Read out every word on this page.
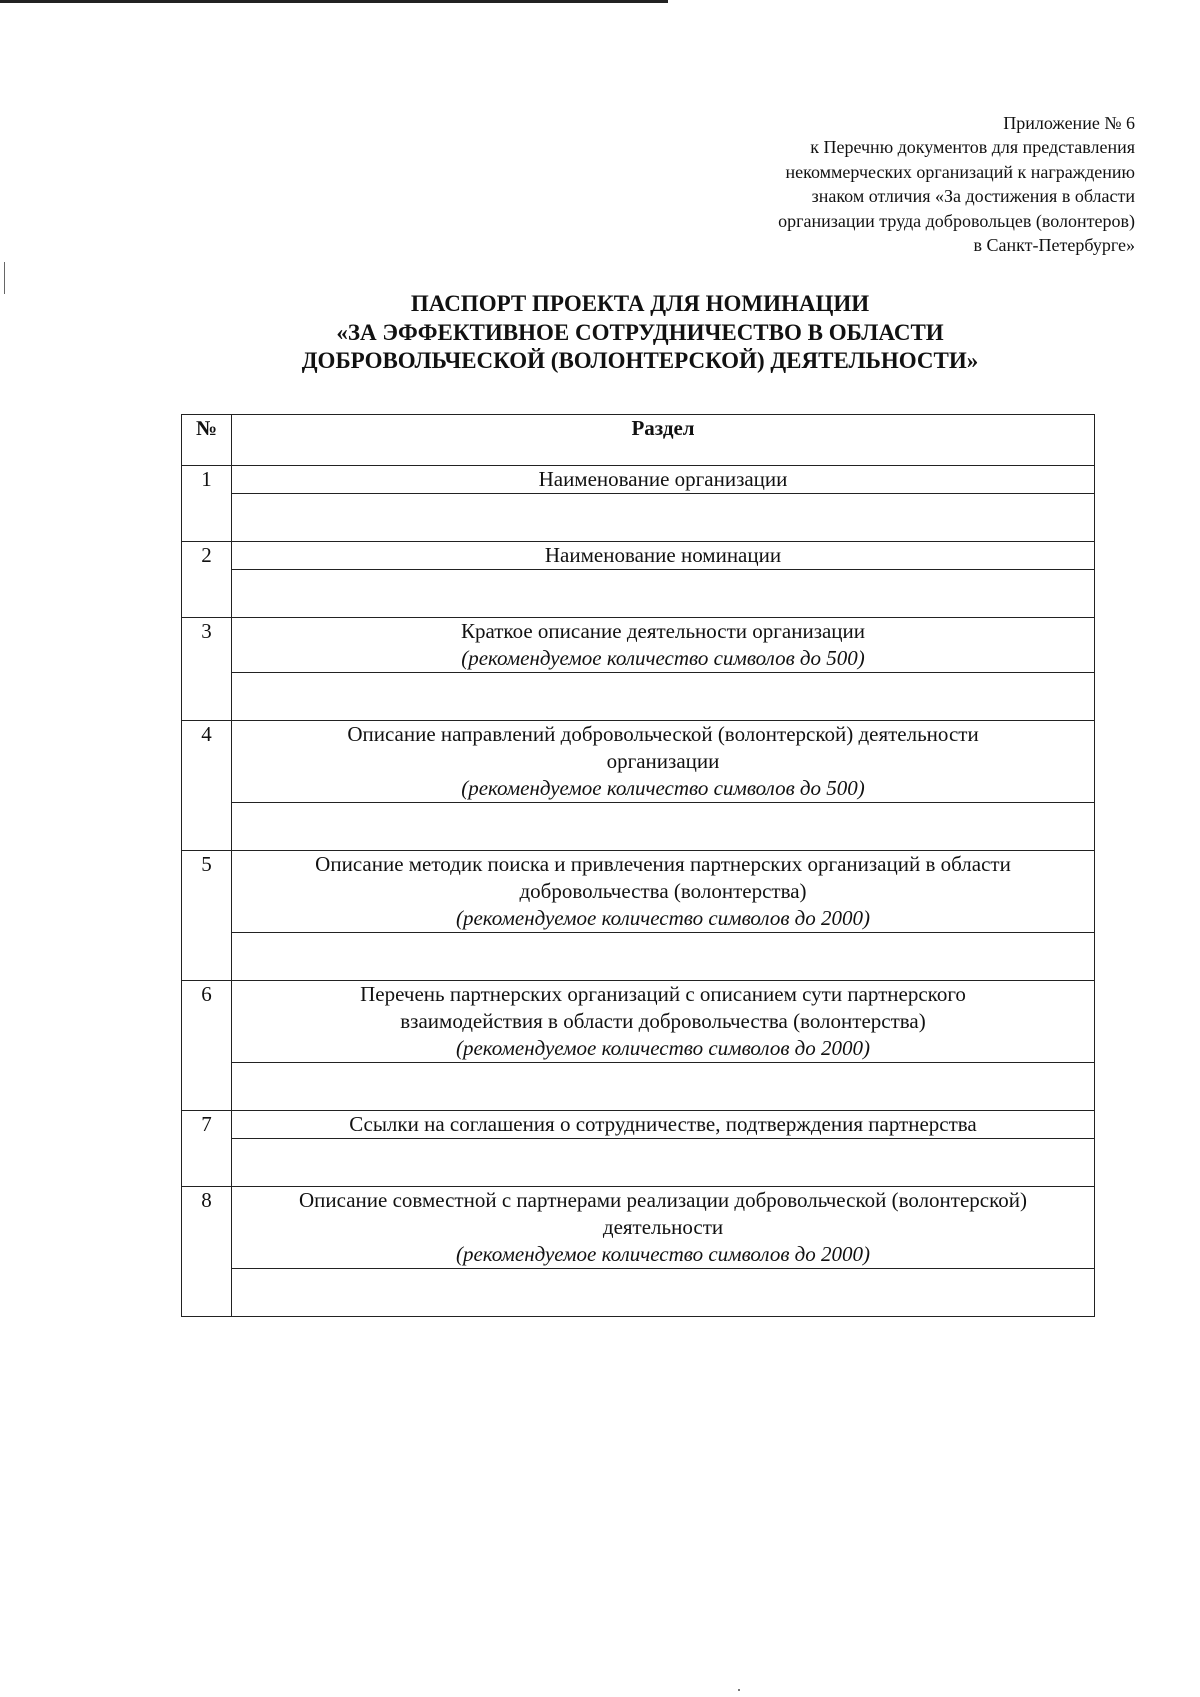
Приложение № 6
к Перечню документов для представления
некоммерческих организаций к награждению
знаком отличия «За достижения в области
организации труда добровольцев (волонтеров)
в Санкт-Петербурге»
ПАСПОРТ ПРОЕКТА ДЛЯ НОМИНАЦИИ
«ЗА ЭФФЕКТИВНОЕ СОТРУДНИЧЕСТВО В ОБЛАСТИ
ДОБРОВОЛЬЧЕСКОЙ (ВОЛОНТЕРСКОЙ) ДЕЯТЕЛЬНОСТИ»
№	Раздел
1	Наименование организации

2	Наименование номинации

3	Краткое описание деятельности организации
(рекомендуемое количество символов до 500)

4	Описание направлений добровольческой (волонтерской) деятельности
организации
(рекомендуемое количество символов до 500)

5	Описание методик поиска и привлечения партнерских организаций в области
добровольчества (волонтерства)
(рекомендуемое количество символов до 2000)

6	Перечень партнерских организаций с описанием сути партнерского
взаимодействия в области добровольчества (волонтерства)
(рекомендуемое количество символов до 2000)

7	Ссылки на соглашения о сотрудничестве, подтверждения партнерства

8	Описание совместной с партнерами реализации добровольческой (волонтерской)
деятельности
(рекомендуемое количество символов до 2000)
